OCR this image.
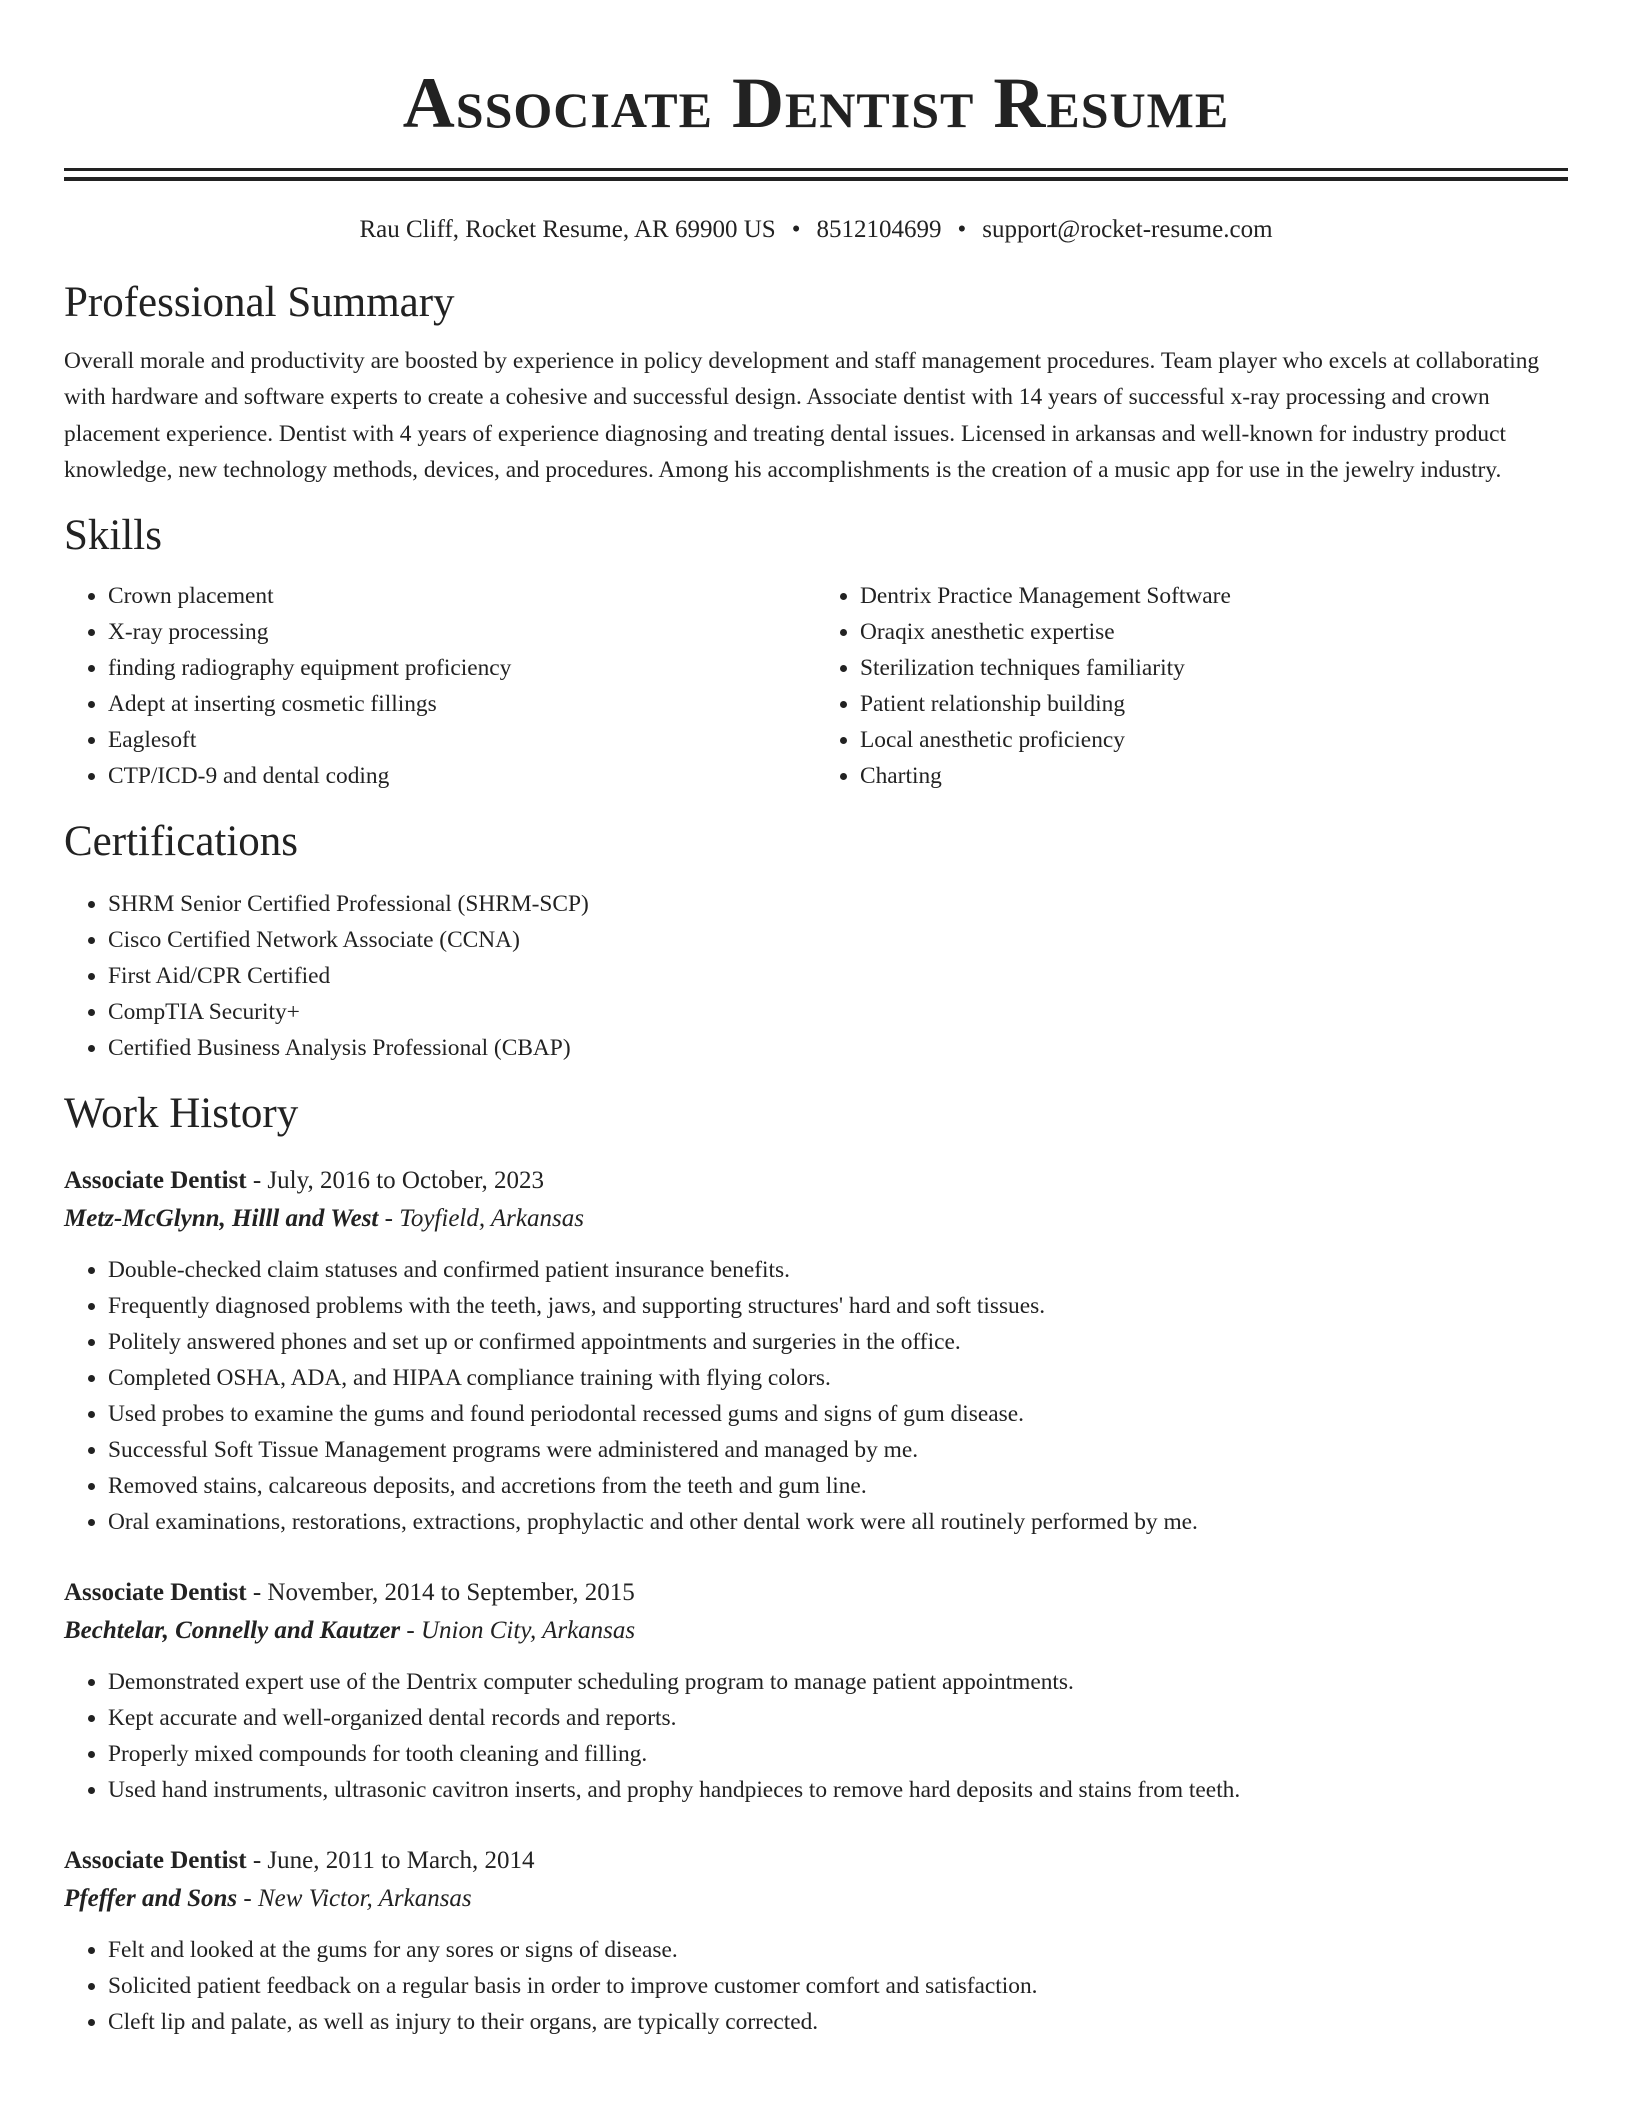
Associate Dentist Resume
Rau Cliff, Rocket Resume, AR 69900 US • 8512104699 • support@rocket-resume.com
Professional Summary
Overall morale and productivity are boosted by experience in policy development and staff management procedures. Team player who excels at collaborating with hardware and software experts to create a cohesive and successful design. Associate dentist with 14 years of successful x-ray processing and crown placement experience. Dentist with 4 years of experience diagnosing and treating dental issues. Licensed in arkansas and well-known for industry product knowledge, new technology methods, devices, and procedures. Among his accomplishments is the creation of a music app for use in the jewelry industry.
Skills
• Crown placement
• X-ray processing
• finding radiography equipment proficiency
• Adept at inserting cosmetic fillings
• Eaglesoft
• CTP/ICD-9 and dental coding
• Dentrix Practice Management Software
• Oraqix anesthetic expertise
• Sterilization techniques familiarity
• Patient relationship building
• Local anesthetic proficiency
• Charting
Certifications
• SHRM Senior Certified Professional (SHRM-SCP)
• Cisco Certified Network Associate (CCNA)
• First Aid/CPR Certified
• CompTIA Security+
• Certified Business Analysis Professional (CBAP)
Work History
Associate Dentist - July, 2016 to October, 2023
Metz-McGlynn, Hilll and West - Toyfield, Arkansas
• Double-checked claim statuses and confirmed patient insurance benefits.
• Frequently diagnosed problems with the teeth, jaws, and supporting structures' hard and soft tissues.
• Politely answered phones and set up or confirmed appointments and surgeries in the office.
• Completed OSHA, ADA, and HIPAA compliance training with flying colors.
• Used probes to examine the gums and found periodontal recessed gums and signs of gum disease.
• Successful Soft Tissue Management programs were administered and managed by me.
• Removed stains, calcareous deposits, and accretions from the teeth and gum line.
• Oral examinations, restorations, extractions, prophylactic and other dental work were all routinely performed by me.
Associate Dentist - November, 2014 to September, 2015
Bechtelar, Connelly and Kautzer - Union City, Arkansas
• Demonstrated expert use of the Dentrix computer scheduling program to manage patient appointments.
• Kept accurate and well-organized dental records and reports.
• Properly mixed compounds for tooth cleaning and filling.
• Used hand instruments, ultrasonic cavitron inserts, and prophy handpieces to remove hard deposits and stains from teeth.
Associate Dentist - June, 2011 to March, 2014
Pfeffer and Sons - New Victor, Arkansas
• Felt and looked at the gums for any sores or signs of disease.
• Solicited patient feedback on a regular basis in order to improve customer comfort and satisfaction.
• Cleft lip and palate, as well as injury to their organs, are typically corrected.
